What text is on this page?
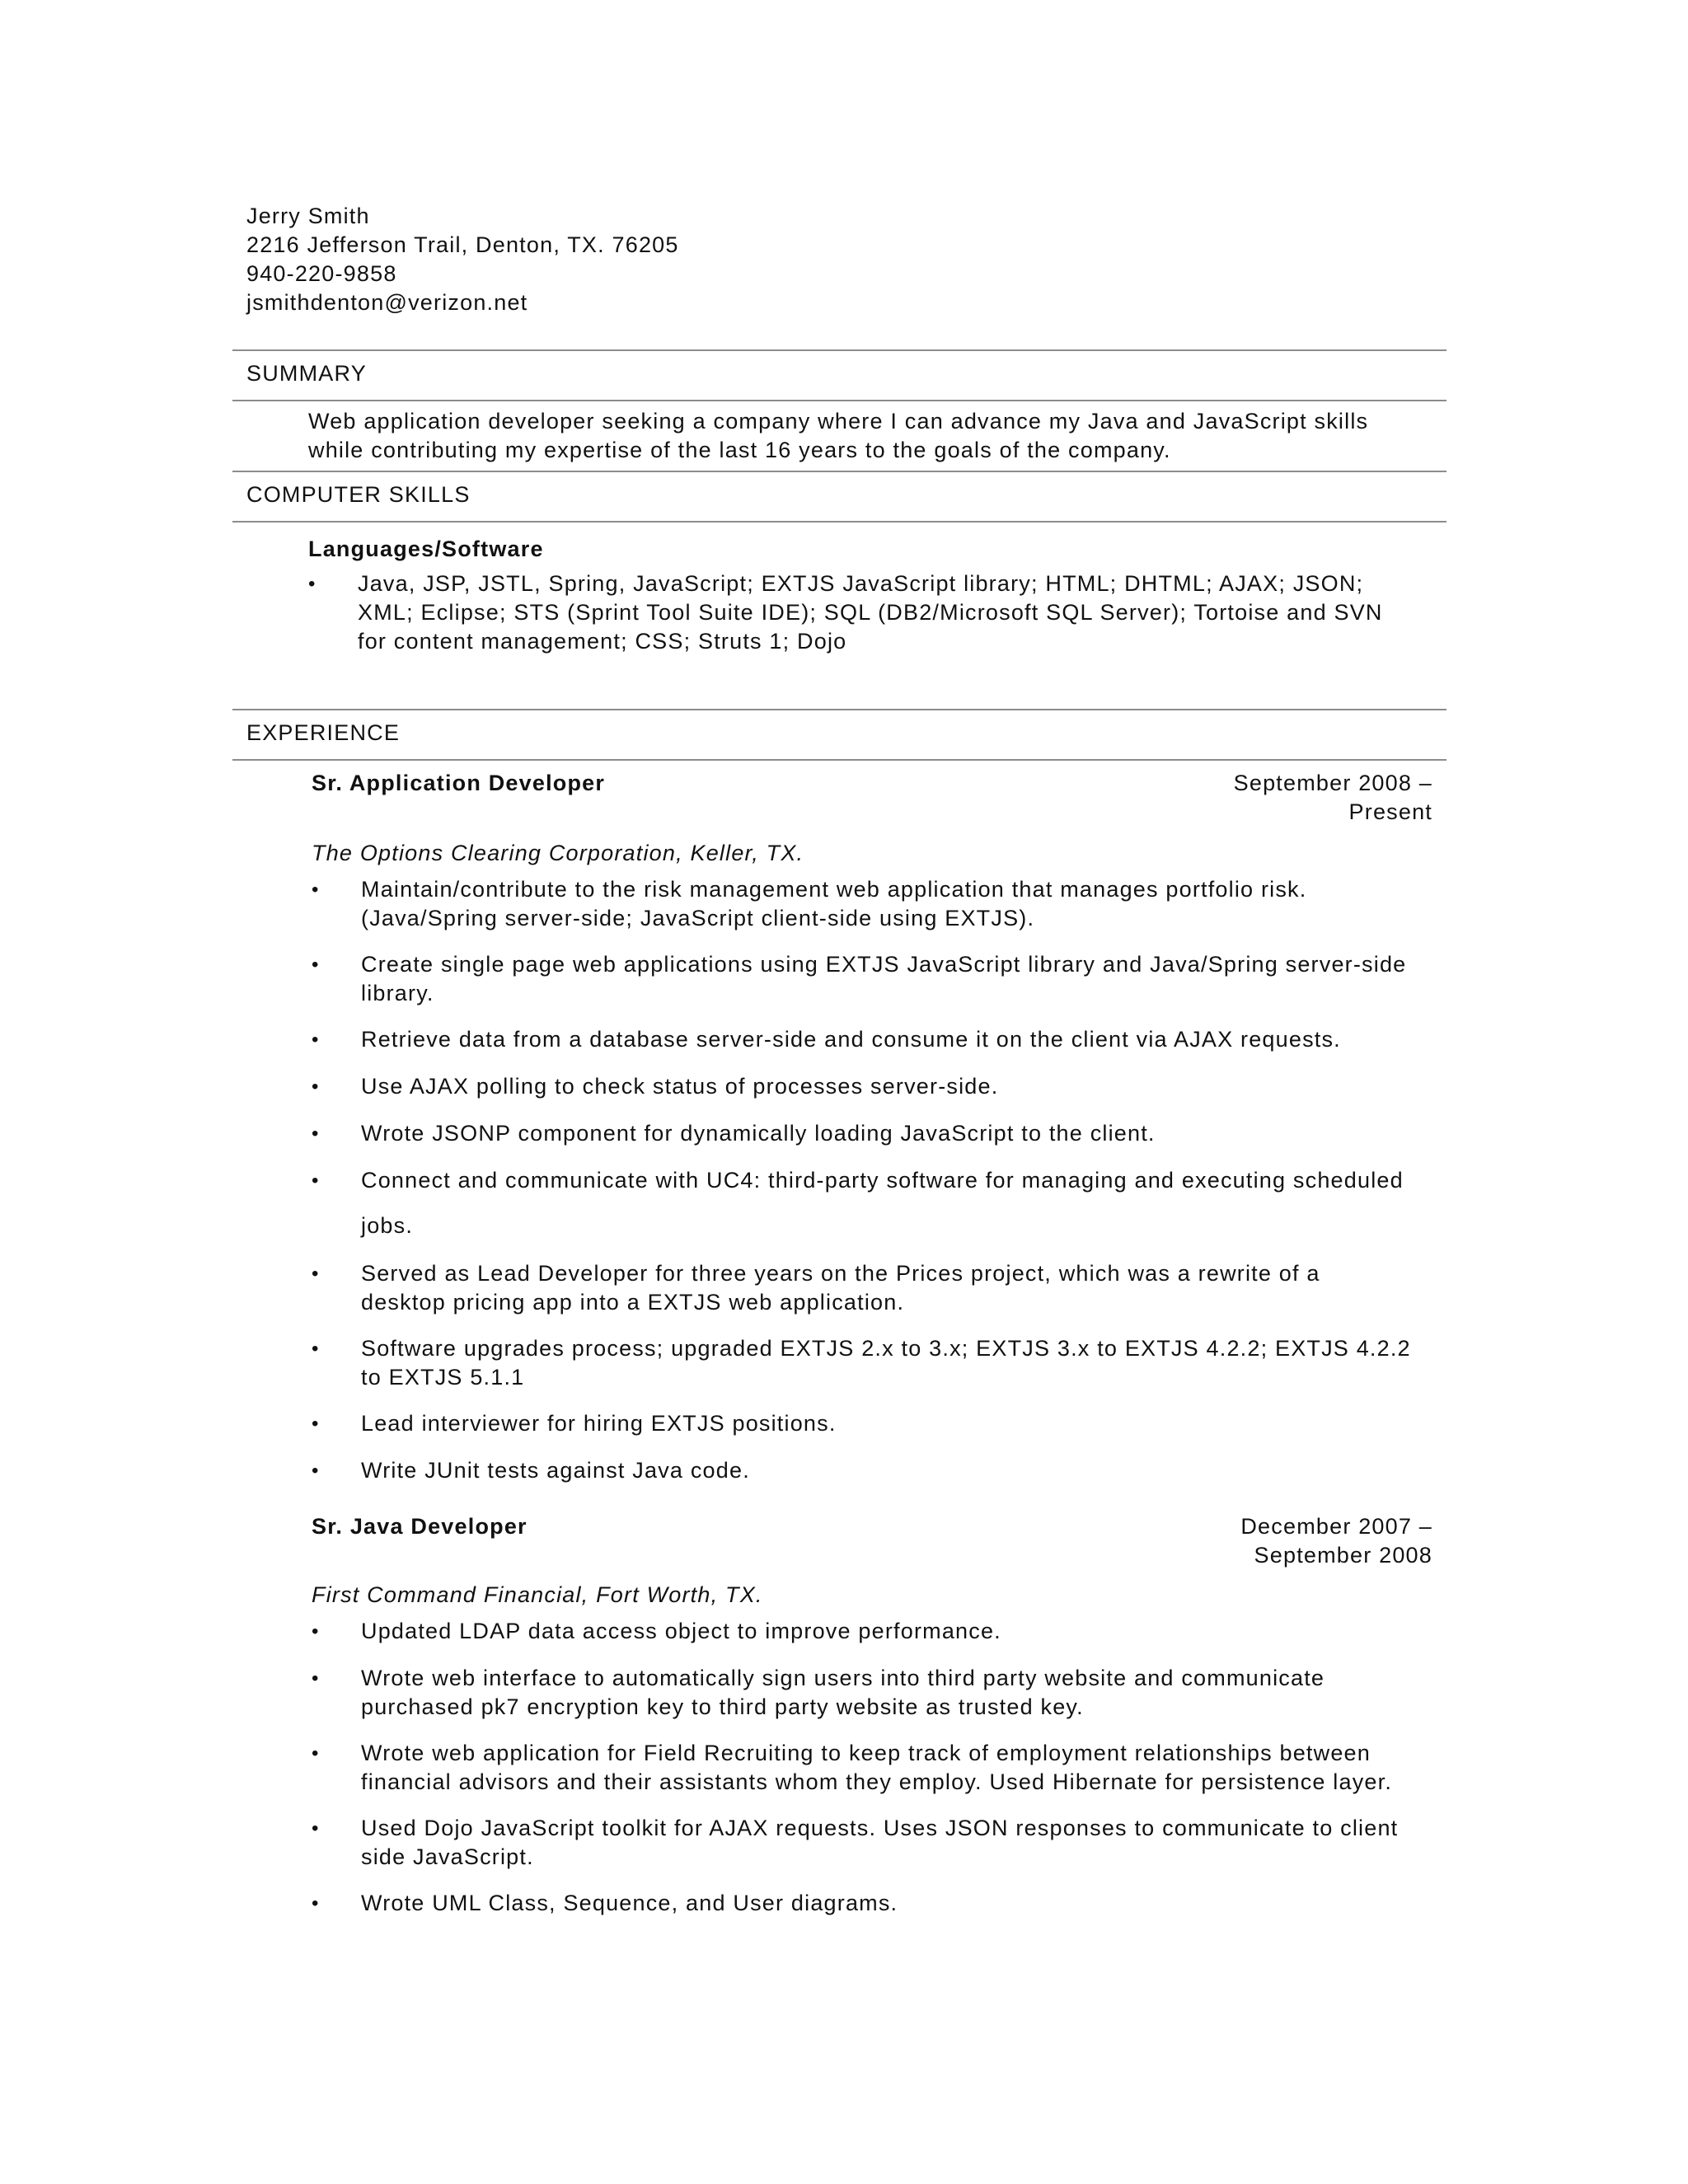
Jerry Smith
2216 Jefferson Trail, Denton, TX. 76205
940-220-9858
jsmithdenton@verizon.net
SUMMARY
Web application developer seeking a company where I can advance my Java and JavaScript skills
while contributing my expertise of the last 16 years to the goals of the company.
COMPUTER SKILLS
Languages/Software
• Java, JSP, JSTL, Spring, JavaScript; EXTJS JavaScript library; HTML; DHTML; AJAX; JSON;
XML; Eclipse; STS (Sprint Tool Suite IDE); SQL (DB2/Microsoft SQL Server); Tortoise and SVN
for content management; CSS; Struts 1; Dojo
EXPERIENCE
Sr. Application Developer	September 2008 –
Present
The Options Clearing Corporation, Keller, TX.
• Maintain/contribute to the risk management web application that manages portfolio risk.
(Java/Spring server-side; JavaScript client-side using EXTJS).
• Create single page web applications using EXTJS JavaScript library and Java/Spring server-side
library.
• Retrieve data from a database server-side and consume it on the client via AJAX requests.
• Use AJAX polling to check status of processes server-side.
• Wrote JSONP component for dynamically loading JavaScript to the client.
• Connect and communicate with UC4: third-party software for managing and executing scheduled
jobs.
• Served as Lead Developer for three years on the Prices project, which was a rewrite of a
desktop pricing app into a EXTJS web application.
• Software upgrades process; upgraded EXTJS 2.x to 3.x; EXTJS 3.x to EXTJS 4.2.2; EXTJS 4.2.2
to EXTJS 5.1.1
• Lead interviewer for hiring EXTJS positions.
• Write JUnit tests against Java code.
Sr. Java Developer	December 2007 –
September 2008
First Command Financial, Fort Worth, TX.
• Updated LDAP data access object to improve performance.
• Wrote web interface to automatically sign users into third party website and communicate
purchased pk7 encryption key to third party website as trusted key.
• Wrote web application for Field Recruiting to keep track of employment relationships between
financial advisors and their assistants whom they employ. Used Hibernate for persistence layer.
• Used Dojo JavaScript toolkit for AJAX requests. Uses JSON responses to communicate to client
side JavaScript.
• Wrote UML Class, Sequence, and User diagrams.
